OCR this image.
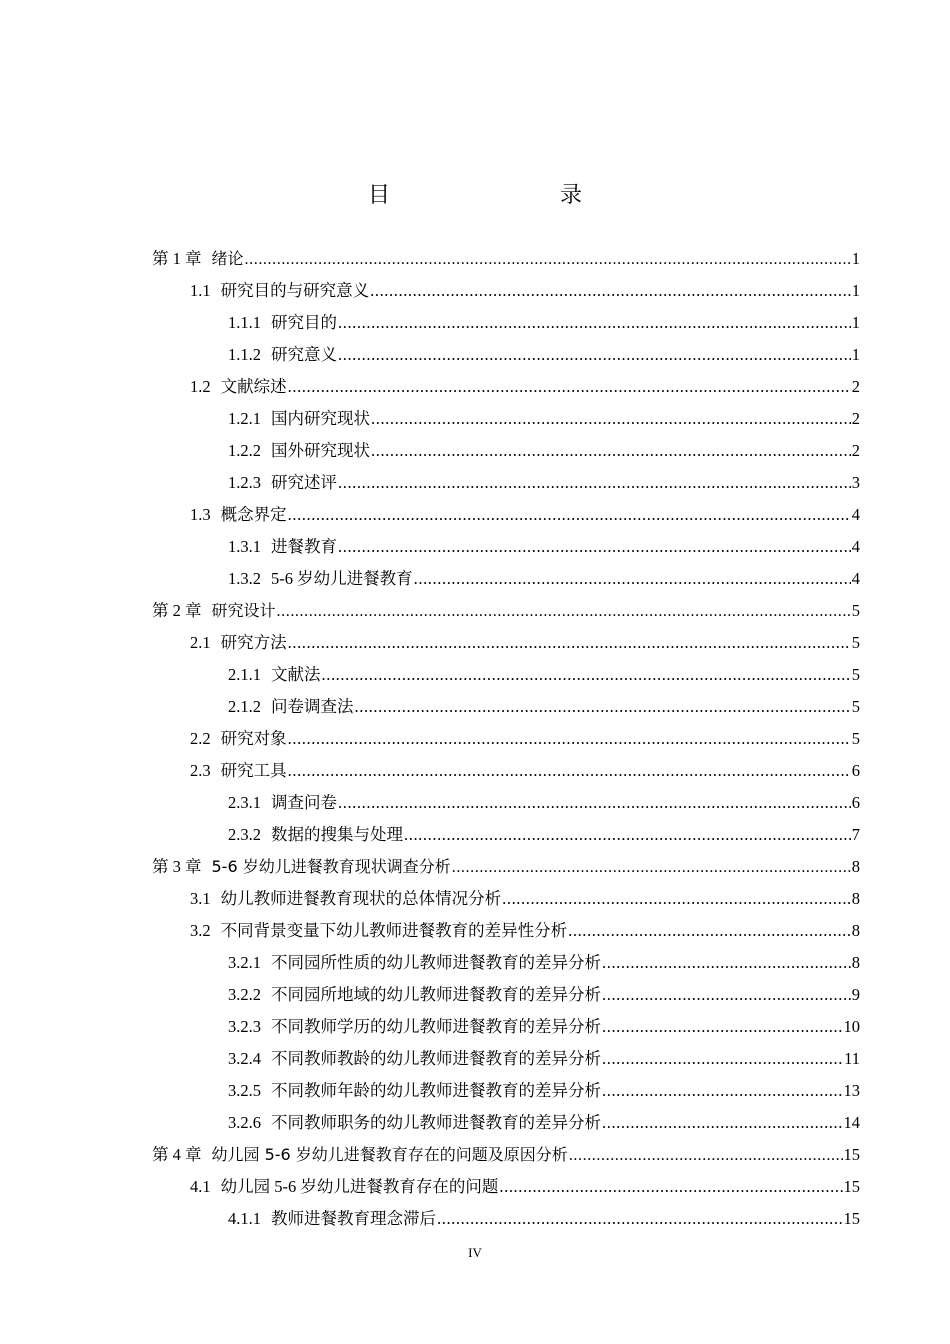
目　　录
第 1 章 绪论 .....	1
1.1 研究目的与研究意义 .....	1
1.1.1 研究目的 .....	1
1.1.2 研究意义 .....	1
1.2 文献综述 .....	2
1.2.1 国内研究现状 .....	2
1.2.2 国外研究现状 .....	2
1.2.3 研究述评 .....	3
1.3 概念界定 .....	4
1.3.1 进餐教育 .....	4
1.3.2 5-6 岁幼儿进餐教育 .....	4
第 2 章 研究设计 .....	5
2.1 研究方法 .....	5
2.1.1 文献法 .....	5
2.1.2 问卷调查法 .....	5
2.2 研究对象 .....	5
2.3 研究工具 .....	6
2.3.1 调查问卷 .....	6
2.3.2 数据的搜集与处理 .....	7
第 3 章 5-6 岁幼儿进餐教育现状调查分析 .....	8
3.1 幼儿教师进餐教育现状的总体情况分析 .....	8
3.2 不同背景变量下幼儿教师进餐教育的差异性分析 .....	8
3.2.1 不同园所性质的幼儿教师进餐教育的差异分析 .....	8
3.2.2 不同园所地域的幼儿教师进餐教育的差异分析 .....	9
3.2.3 不同教师学历的幼儿教师进餐教育的差异分析 .....	10
3.2.4 不同教师教龄的幼儿教师进餐教育的差异分析 .....	11
3.2.5 不同教师年龄的幼儿教师进餐教育的差异分析 .....	13
3.2.6 不同教师职务的幼儿教师进餐教育的差异分析 .....	14
第 4 章 幼儿园 5-6 岁幼儿进餐教育存在的问题及原因分析 .....	15
4.1 幼儿园 5-6 岁幼儿进餐教育存在的问题 .....	15
4.1.1 教师进餐教育理念滞后 .....	15
IV
